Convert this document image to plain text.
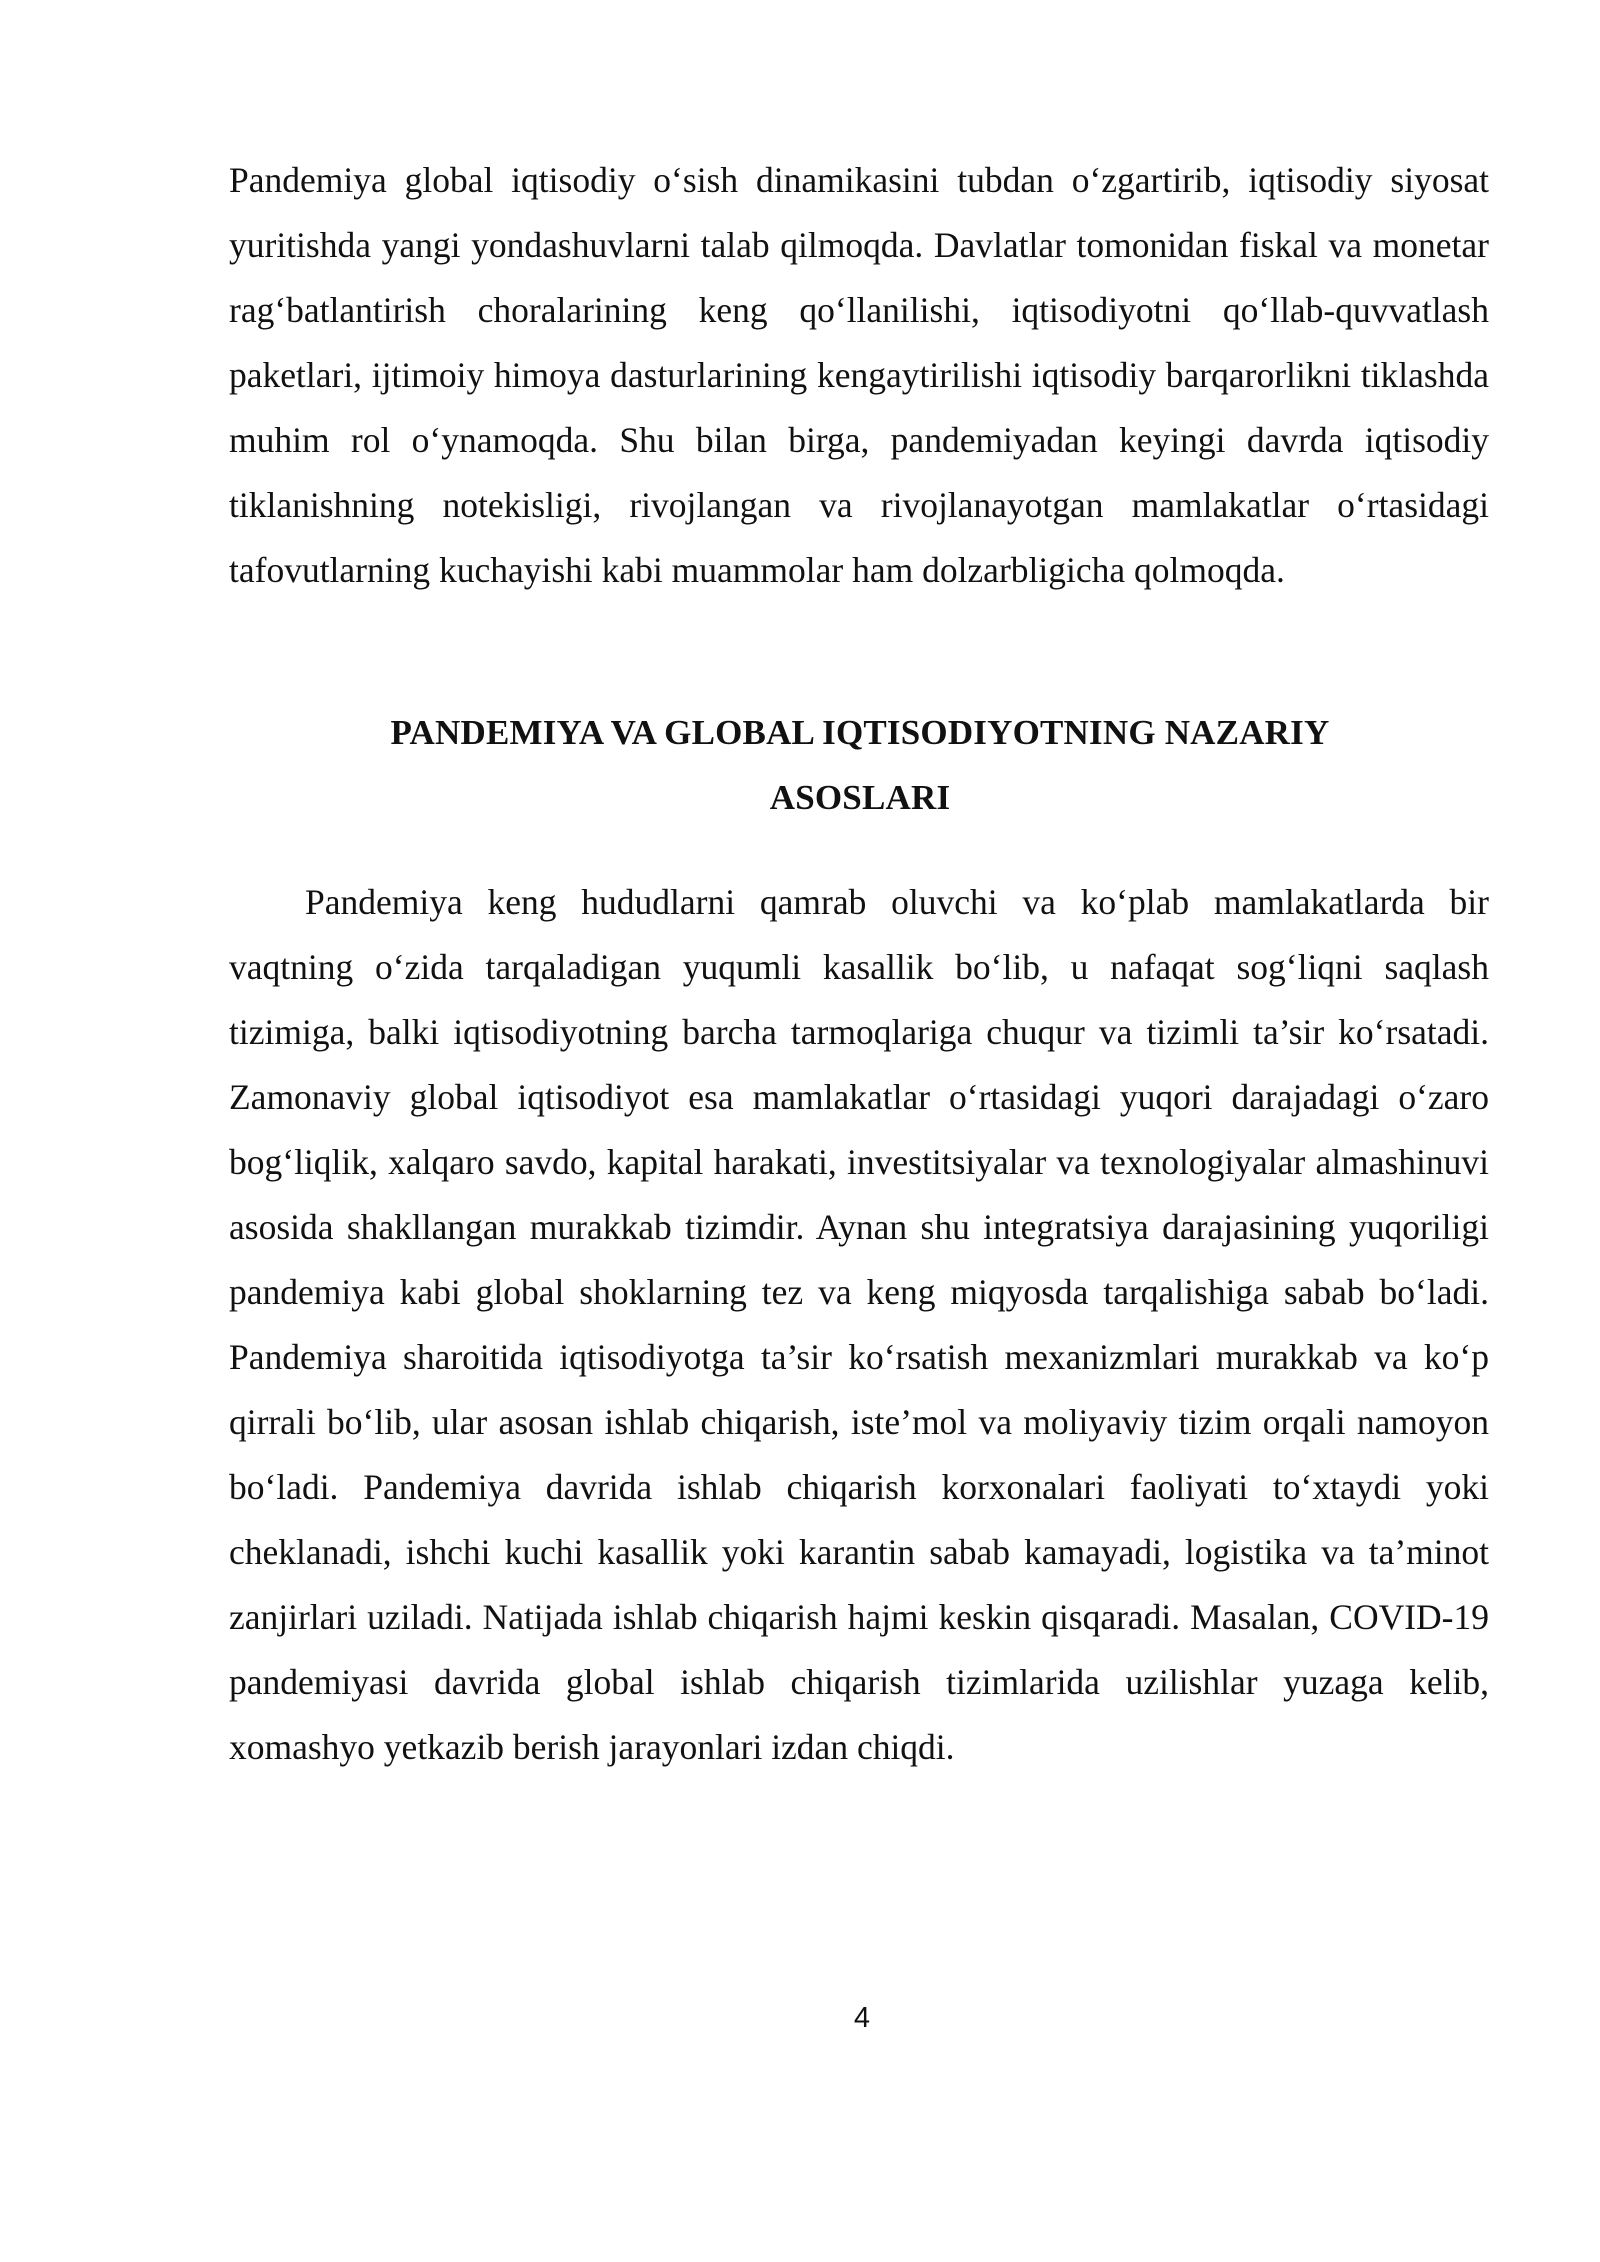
Pandemiya global iqtisodiy o‘sish dinamikasini tubdan o‘zgartirib, iqtisodiy siyosat yuritishda yangi yondashuvlarni talab qilmoqda. Davlatlar tomonidan fiskal va monetar rag‘batlantirish choralarining keng qo‘llanilishi, iqtisodiyotni qo‘llab-quvvatlash paketlari, ijtimoiy himoya dasturlarining kengaytirilishi iqtisodiy barqarorlikni tiklashda muhim rol o‘ynamoqda. Shu bilan birga, pandemiyadan keyingi davrda iqtisodiy tiklanishning notekisligi, rivojlangan va rivojlanayotgan mamlakatlar o‘rtasidagi tafovutlarning kuchayishi kabi muammolar ham dolzarbligicha qolmoqda.

PANDEMIYA VA GLOBAL IQTISODIYOTNING NAZARIY ASOSLARI

Pandemiya keng hududlarni qamrab oluvchi va ko‘plab mamlakatlarda bir vaqtning o‘zida tarqaladigan yuqumli kasallik bo‘lib, u nafaqat sog‘liqni saqlash tizimiga, balki iqtisodiyotning barcha tarmoqlariga chuqur va tizimli ta’sir ko‘rsatadi. Zamonaviy global iqtisodiyot esa mamlakatlar o‘rtasidagi yuqori darajadagi o‘zaro bog‘liqlik, xalqaro savdo, kapital harakati, investitsiyalar va texnologiyalar almashinuvi asosida shakllangan murakkab tizimdir. Aynan shu integratsiya darajasining yuqoriligi pandemiya kabi global shoklarning tez va keng miqyosda tarqalishiga sabab bo‘ladi. Pandemiya sharoitida iqtisodiyotga ta’sir ko‘rsatish mexanizmlari murakkab va ko‘p qirrali bo‘lib, ular asosan ishlab chiqarish, iste’mol va moliyaviy tizim orqali namoyon bo‘ladi. Pandemiya davrida ishlab chiqarish korxonalari faoliyati to‘xtaydi yoki cheklanadi, ishchi kuchi kasallik yoki karantin sabab kamayadi, logistika va ta’minot zanjirlari uziladi. Natijada ishlab chiqarish hajmi keskin qisqaradi. Masalan, COVID-19 pandemiyasi davrida global ishlab chiqarish tizimlarida uzilishlar yuzaga kelib, xomashyo yetkazib berish jarayonlari izdan chiqdi.

4
